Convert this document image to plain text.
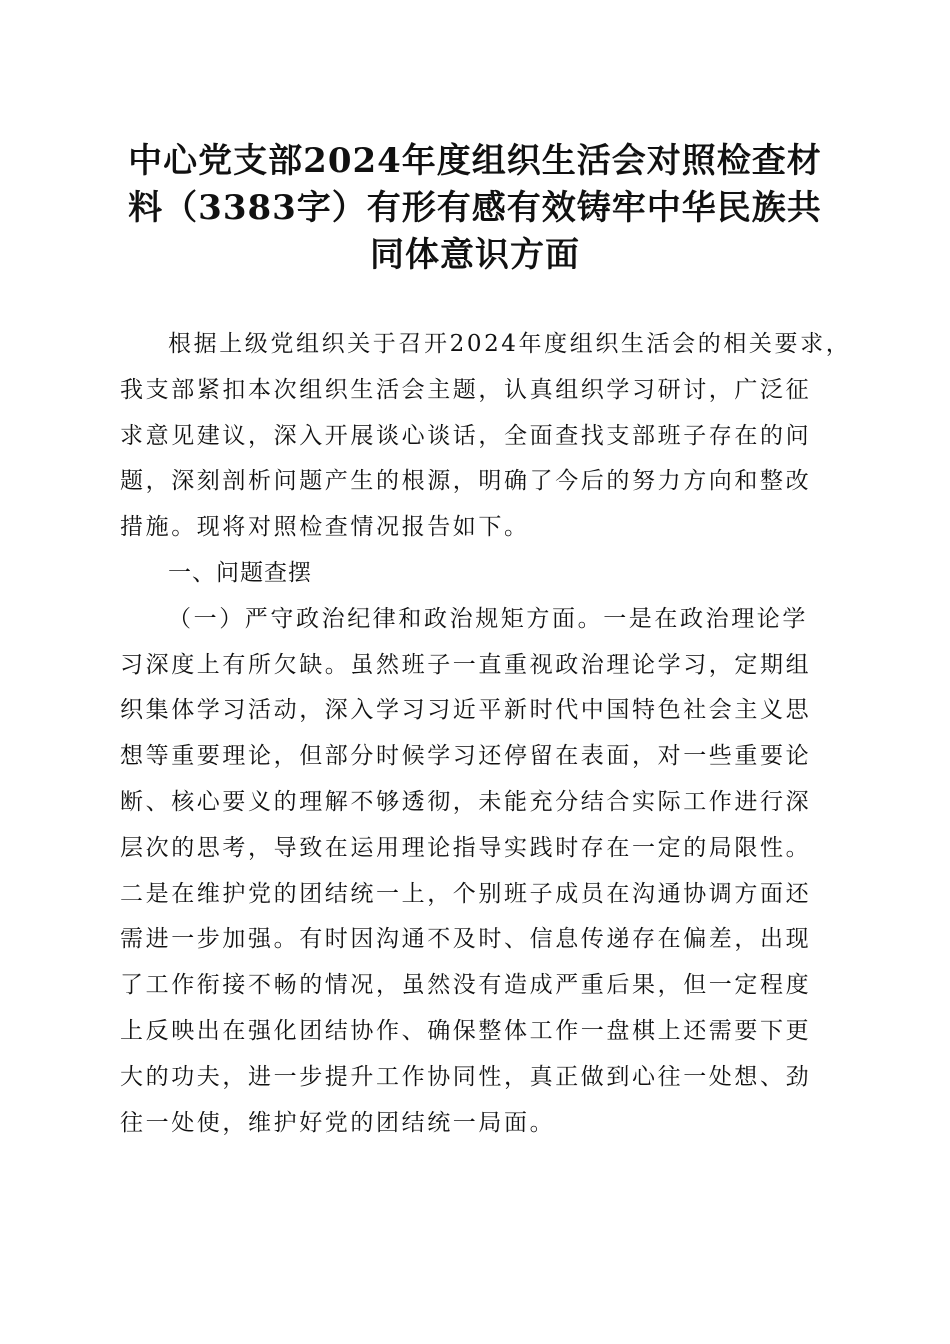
中心党支部2024年度组织生活会对照检查材
料（3383字）有形有感有效铸牢中华民族共
同体意识方面
根据上级党组织关于召开2024年度组织生活会的相关要求，
我支部紧扣本次组织生活会主题，认真组织学习研讨，广泛征
求意见建议，深入开展谈心谈话，全面查找支部班子存在的问
题，深刻剖析问题产生的根源，明确了今后的努力方向和整改
措施。现将对照检查情况报告如下。
一、问题查摆
（一）严守政治纪律和政治规矩方面。一是在政治理论学
习深度上有所欠缺。虽然班子一直重视政治理论学习，定期组
织集体学习活动，深入学习习近平新时代中国特色社会主义思
想等重要理论，但部分时候学习还停留在表面，对一些重要论
断、核心要义的理解不够透彻，未能充分结合实际工作进行深
层次的思考，导致在运用理论指导实践时存在一定的局限性。
二是在维护党的团结统一上，个别班子成员在沟通协调方面还
需进一步加强。有时因沟通不及时、信息传递存在偏差，出现
了工作衔接不畅的情况，虽然没有造成严重后果，但一定程度
上反映出在强化团结协作、确保整体工作一盘棋上还需要下更
大的功夫，进一步提升工作协同性，真正做到心往一处想、劲
往一处使，维护好党的团结统一局面。
